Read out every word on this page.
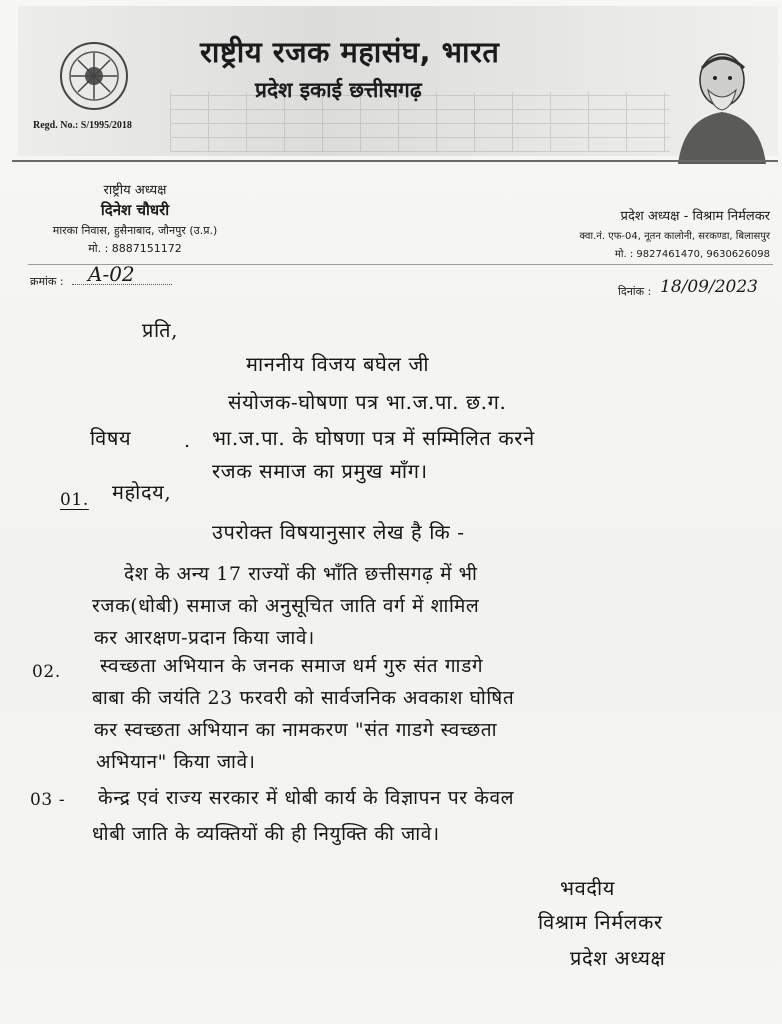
राष्ट्रीय रजक महासंघ, भारत
प्रदेश इकाई छत्तीसगढ़
Regd. No.: S/1995/2018
राष्ट्रीय अध्यक्ष
दिनेश चौधरी
मारका निवास, हुसैनाबाद, जौनपुर (उ.प्र.)
मो. : 8887151172
प्रदेश अध्यक्ष - विश्राम निर्मलकर
क्वा.नं. एफ-04, नूतन कालोनी, सरकण्डा, बिलासपुर
मो. : 9827461470, 9630626098
क्रमांक : A-02
दिनांक : 18/09/2023
प्रति,
माननीय विजय बघेल जी
संयोजक-घोषणा पत्र भा.ज.पा. छ.ग.
विषय	. भा.ज.पा. के घोषणा पत्र में सम्मिलित करने
रजक समाज का प्रमुख माँग।
01. महोदय,
उपरोक्त विषयानुसार लेख है कि -
देश के अन्य 17 राज्यों की भाँति छत्तीसगढ़ में भी
रजक(धोबी) समाज को अनुसूचित जाति वर्ग में शामिल
कर आरक्षण-प्रदान किया जावे।
02. स्वच्छता अभियान के जनक समाज धर्म गुरु संत गाडगे
बाबा की जयंति 23 फरवरी को सार्वजनिक अवकाश घोषित
कर स्वच्छता अभियान का नामकरण "संत गाडगे स्वच्छता
अभियान" किया जावे।
03 - केन्द्र एवं राज्य सरकार में धोबी कार्य के विज्ञापन पर केवल
धोबी जाति के व्यक्तियों की ही नियुक्ति की जावे।
भवदीय
विश्राम निर्मलकर
प्रदेश अध्यक्ष
